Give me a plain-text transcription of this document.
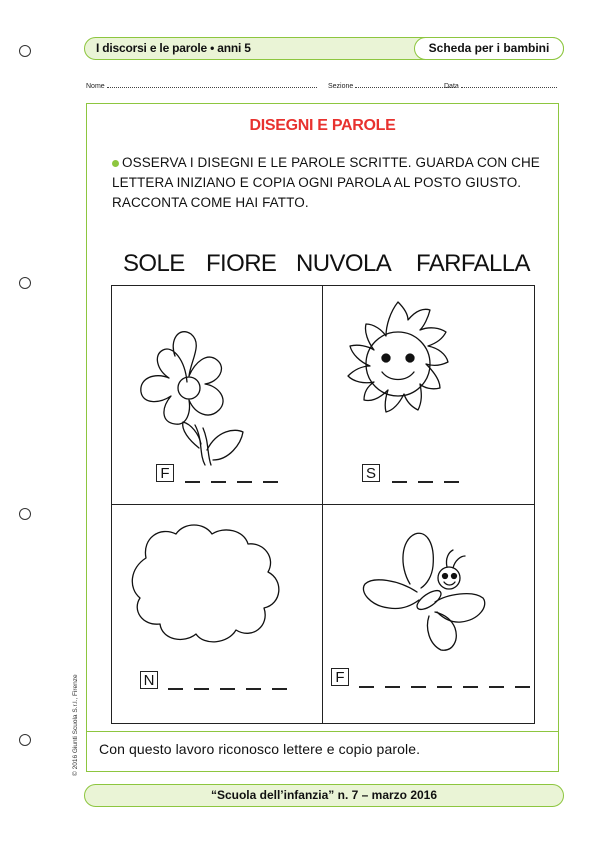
I discorsi e le parole • anni 5	Scheda per i bambini
Nome	Sezione	Data
DISEGNI E PAROLE
OSSERVA I DISEGNI E LE PAROLE SCRITTE. GUARDA CON CHE LETTERA INIZIANO E COPIA OGNI PAROLA AL POSTO GIUSTO. RACCONTA COME HAI FATTO.
SOLE FIORE NUVOLA FARFALLA
F	S
N	F
Con questo lavoro riconosco lettere e copio parole.
“Scuola dell’infanzia” n. 7 – marzo 2016
© 2016 Giunti Scuola S.r.l., Firenze
